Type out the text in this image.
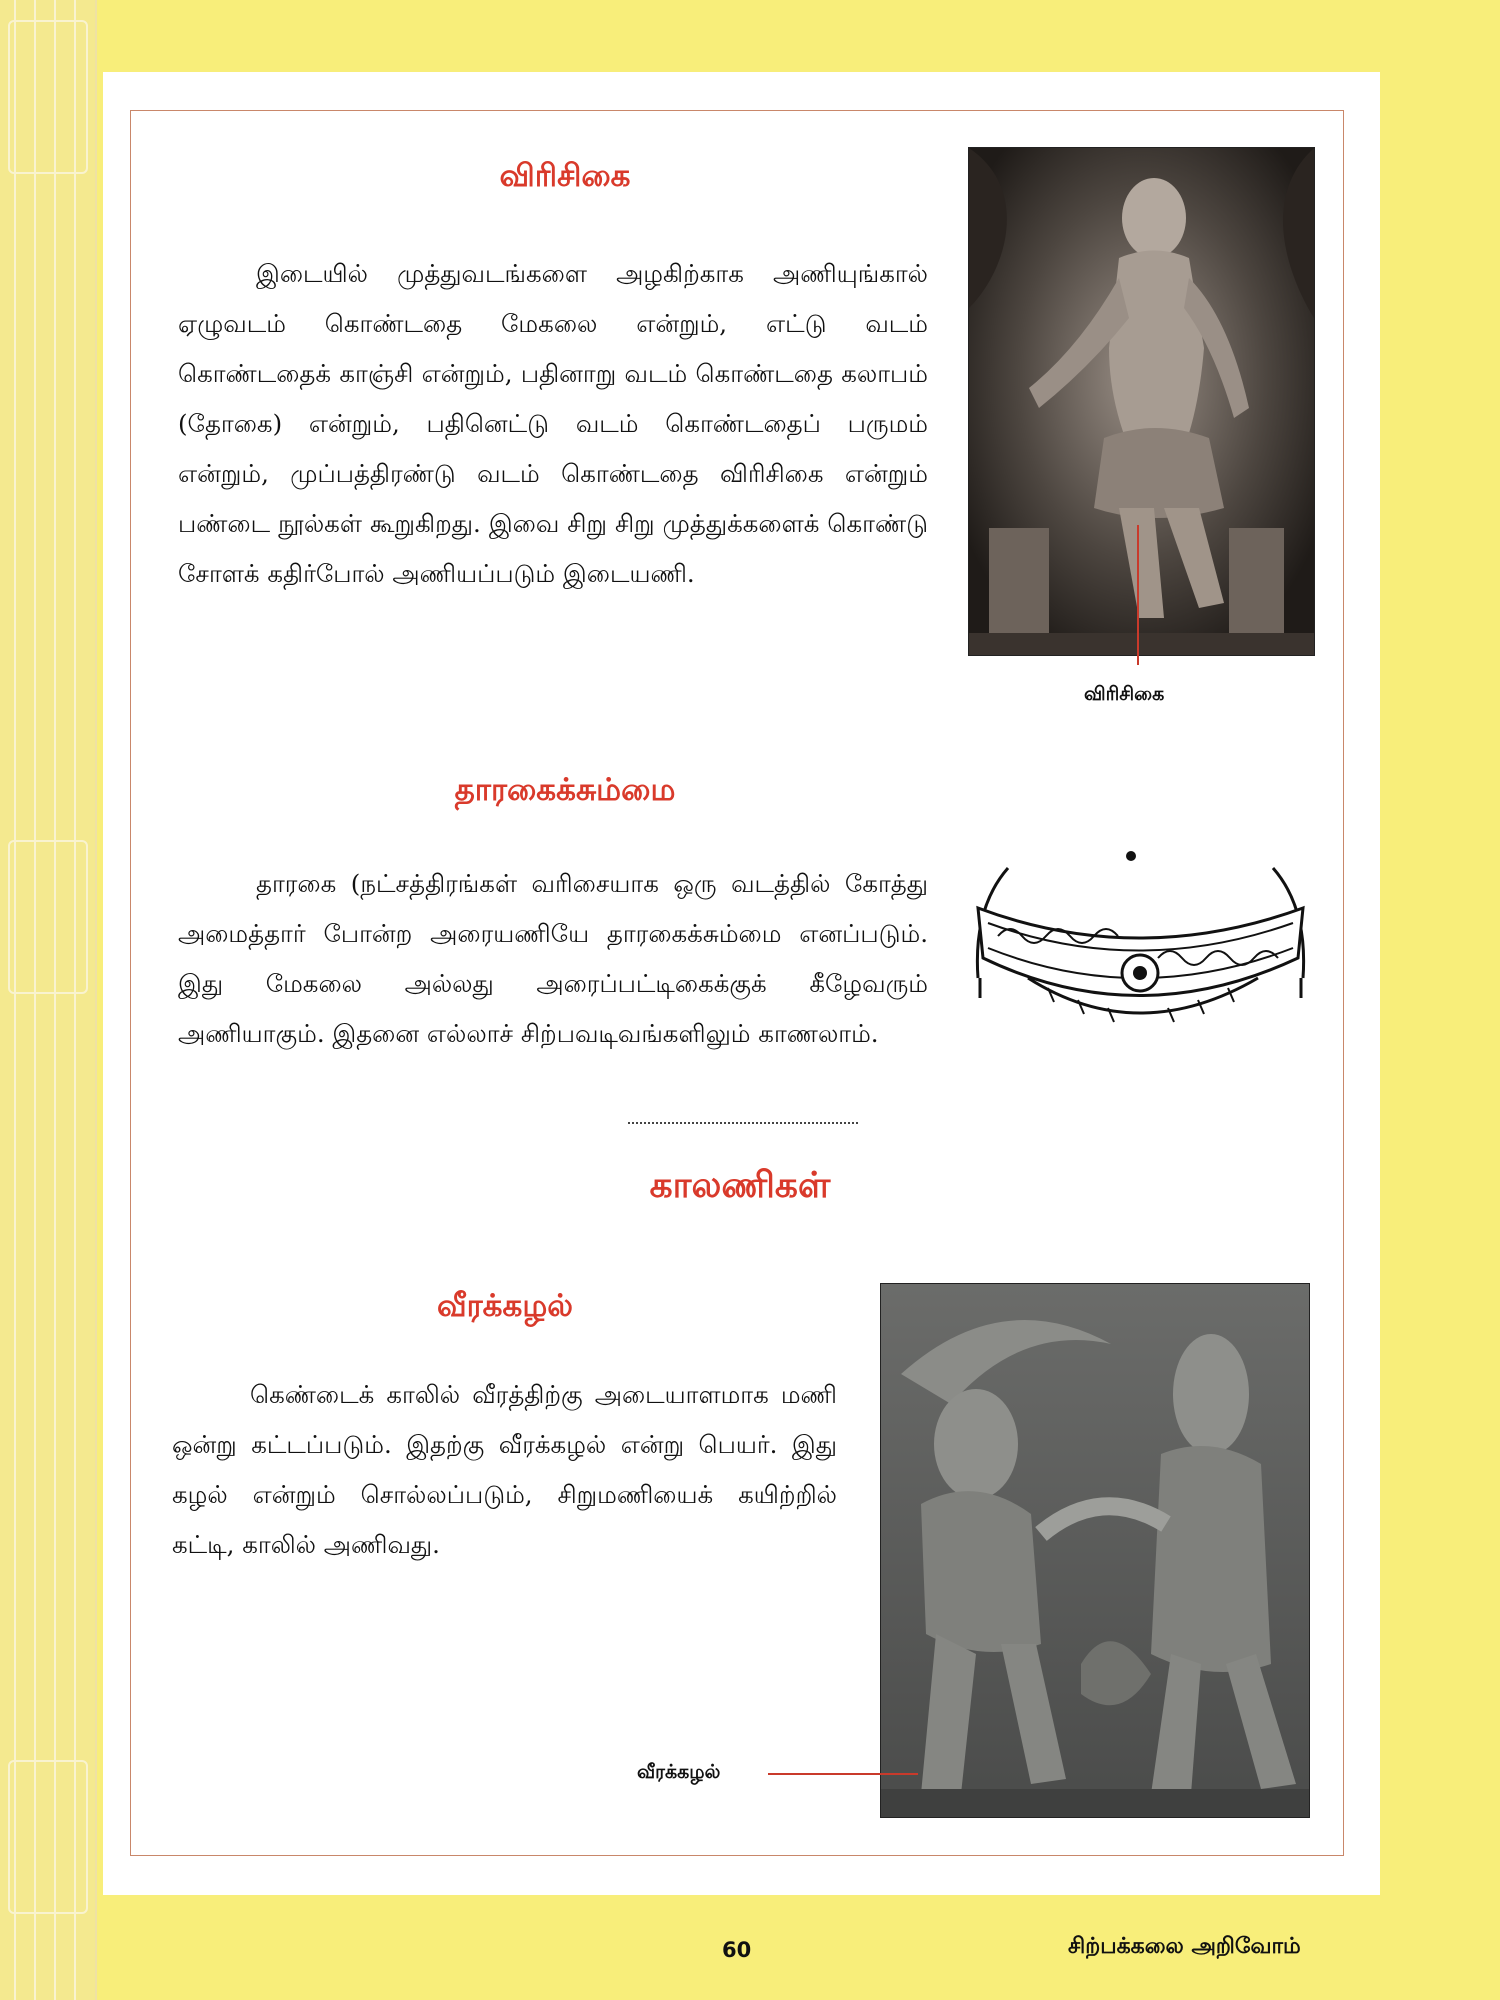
விரிசிகை

இடையில் முத்துவடங்களை அழகிற்காக அணியுங்கால் ஏழுவடம் கொண்டதை மேகலை என்றும், எட்டு வடம் கொண்டதைக் காஞ்சி என்றும், பதினாறு வடம் கொண்டதை கலாபம் (தோகை) என்றும், பதினெட்டு வடம் கொண்டதைப் பருமம் என்றும், முப்பத்திரண்டு வடம் கொண்டதை விரிசிகை என்றும் பண்டை நூல்கள் கூறுகிறது. இவை சிறு சிறு முத்துக்களைக் கொண்டு சோளக் கதிர்போல் அணியப்படும் இடையணி.

விரிசிகை

தாரகைக்சும்மை

தாரகை (நட்சத்திரங்கள் வரிசையாக ஒரு வடத்தில் கோத்து அமைத்தார் போன்ற அரையணியே தாரகைக்சும்மை எனப்படும். இது மேகலை அல்லது அரைப்பட்டிகைக்குக் கீழேவரும் அணியாகும். இதனை எல்லாச் சிற்பவடிவங்களிலும் காணலாம்.

காலணிகள்
வீரக்கழல்

கெண்டைக் காலில் வீரத்திற்கு அடையாளமாக மணி ஒன்று கட்டப்படும். இதற்கு வீரக்கழல் என்று பெயர். இது கழல் என்றும் சொல்லப்படும், சிறுமணியைக் கயிற்றில் கட்டி, காலில் அணிவது.

வீரக்கழல்

60	சிற்பக்கலை அறிவோம்
